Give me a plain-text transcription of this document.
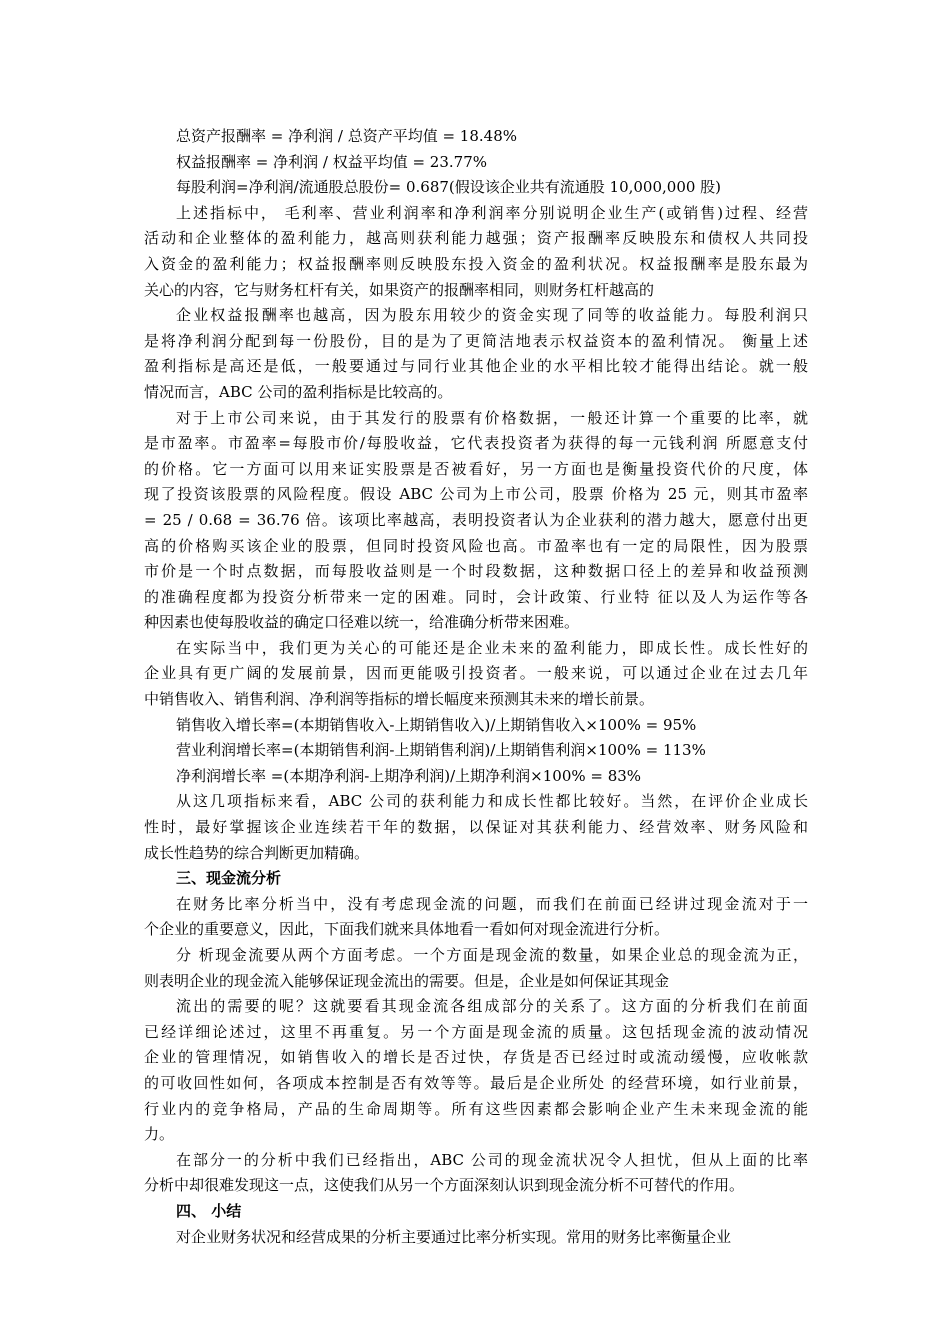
总资产报酬率 = 净利润 / 总资产平均值 = 18.48%
权益报酬率 = 净利润 / 权益平均值 = 23.77%
每股利润=净利润/流通股总股份= 0.687(假设该企业共有流通股 10,000,000 股)
上述指标中， 毛利率、营业利润率和净利润率分别说明企业生产(或销售)过程、经营
活动和企业整体的盈利能力，越高则获利能力越强；资产报酬率反映股东和债权人共同投
入资金的盈利能力；权益报酬率则反映股东投入资金的盈利状况。权益报酬率是股东最为
关心的内容，它与财务杠杆有关，如果资产的报酬率相同，则财务杠杆越高的
企业权益报酬率也越高，因为股东用较少的资金实现了同等的收益能力。每股利润只
是将净利润分配到每一份股份，目的是为了更简洁地表示权益资本的盈利情况。 衡量上述
盈利指标是高还是低，一般要通过与同行业其他企业的水平相比较才能得出结论。就一般
情况而言，ABC 公司的盈利指标是比较高的。
对于上市公司来说，由于其发行的股票有价格数据，一般还计算一个重要的比率，就
是市盈率。市盈率=每股市价/每股收益，它代表投资者为获得的每一元钱利润 所愿意支付
的价格。它一方面可以用来证实股票是否被看好，另一方面也是衡量投资代价的尺度，体
现了投资该股票的风险程度。假设 ABC 公司为上市公司，股票 价格为 25 元，则其市盈率
= 25 / 0.68 = 36.76 倍。该项比率越高，表明投资者认为企业获利的潜力越大，愿意付出更
高的价格购买该企业的股票，但同时投资风险也高。市盈率也有一定的局限性，因为股票
市价是一个时点数据，而每股收益则是一个时段数据，这种数据口径上的差异和收益预测
的准确程度都为投资分析带来一定的困难。同时，会计政策、行业特 征以及人为运作等各
种因素也使每股收益的确定口径难以统一，给准确分析带来困难。
在实际当中，我们更为关心的可能还是企业未来的盈利能力，即成长性。成长性好的
企业具有更广阔的发展前景，因而更能吸引投资者。一般来说，可以通过企业在过去几年
中销售收入、销售利润、净利润等指标的增长幅度来预测其未来的增长前景。
销售收入增长率=(本期销售收入-上期销售收入)/上期销售收入×100% = 95%
营业利润增长率=(本期销售利润-上期销售利润)/上期销售利润×100% = 113%
净利润增长率 =(本期净利润-上期净利润)/上期净利润×100% = 83%
从这几项指标来看，ABC 公司的获利能力和成长性都比较好。当然，在评价企业成长
性时，最好掌握该企业连续若干年的数据，以保证对其获利能力、经营效率、财务风险和
成长性趋势的综合判断更加精确。
三、现金流分析
在财务比率分析当中，没有考虑现金流的问题，而我们在前面已经讲过现金流对于一
个企业的重要意义，因此，下面我们就来具体地看一看如何对现金流进行分析。
分 析现金流要从两个方面考虑。一个方面是现金流的数量，如果企业总的现金流为正，
则表明企业的现金流入能够保证现金流出的需要。但是，企业是如何保证其现金
流出的需要的呢？这就要看其现金流各组成部分的关系了。这方面的分析我们在前面
已经详细论述过，这里不再重复。另一个方面是现金流的质量。这包括现金流的波动情况
企业的管理情况，如销售收入的增长是否过快，存货是否已经过时或流动缓慢，应收帐款
的可收回性如何，各项成本控制是否有效等等。最后是企业所处 的经营环境，如行业前景，
行业内的竞争格局，产品的生命周期等。所有这些因素都会影响企业产生未来现金流的能
力。
在部分一的分析中我们已经指出，ABC 公司的现金流状况令人担忧，但从上面的比率
分析中却很难发现这一点，这使我们从另一个方面深刻认识到现金流分析不可替代的作用。
四、 小结
对企业财务状况和经营成果的分析主要通过比率分析实现。常用的财务比率衡量企业
